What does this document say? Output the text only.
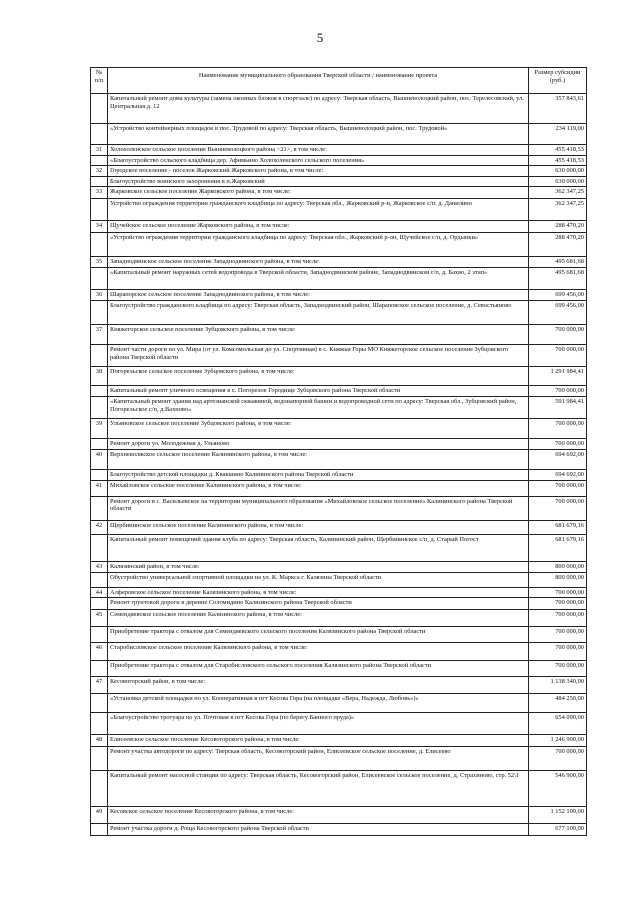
5
№ п/п	Наименование муниципального образования Тверской области / наименование проекта	Размер субсидии (руб.)
	Капитальный ремонт дома культуры (замена оконных блоков в спортзале) по адресу: Тверская область, Вышневолоцкий район, пос. Терелесовский, ул. Центральная д. 12	357 843,61
	«Устройство контейнерных площадок в пос. Трудовой по адресу: Тверская область, Вышневолоцкий район, пос. Трудовой»	234 119,00
31	Холохоленское сельское поселение Вышневолоцкого района <21>, в том числе:	455 418,53
	«Благоустройство сельского кладбища дер. Афимьино Холохоленского сельского поселения»	455 418,53
32	Городское поселение - поселок Жарковский Жарковского района, в том числе:	630 000,00
	Благоустройство воинского захоронения в п.Жарковский	630 000,00
33	Жарковское сельское поселение Жарковского района, в том числе:	362 347,25
	Устройство ограждения территории гражданского кладбища по адресу: Тверская обл., Жарковский р-н, Жарковское с/п. д. Данилино	362 347,25
34	Щучейское сельское поселение Жарковского района, в том числе:	288 470,20
	«Устройство ограждения территории гражданского кладбища по адресу: Тверская обл., Жарковский р-он, Щучейское с/п, д. Ордынки»	288 470,20
35	Западнодвинское сельское поселение Западнодвинского района, в том числе:	495 681,68
	«Капитальный ремонт наружных сетей водопровода в Тверской области, Западнодвинском районе, Западнодвинском с/п, д. Бахво, 2 этап»	495 681,68
36	Шарапорское сельское поселение Западнодвинского района, в том числе:	699 456,00
	Благоустройство гражданского кладбища по адресу: Тверская область, Западнодвинский район, Шараповское сельское поселение, д. Севостьяново	699 456,00
37	Княжегорское сельское поселение Зубцовского района, в том числе:	700 000,00
	Ремонт части дороги по ул. Мира (от ул. Комсомольская до ул. Спортивная) в с. Княжьи Горы МО Княжегорское сельское поселение Зубцовского района Тверской области	700 000,00
38	Погорельское сельское поселение Зубцовского района, в том числе:	1 291 984,41
	Капитальный ремонт уличного освещения в с. Погорелое Городище Зубцовского района Тверской области	700 000,00
	«Капитальный ремонт здания над артезианской скважиной, водонапорной башни и водопроводной сети по адресу: Тверская обл., Зубцовский район, Погорельское с/п, д.Вахново»	591 984,41
39	Ульяновское сельское поселение Зубцовского района, в том числе:	700 000,00
	Ремонт дороги ул. Молодежная д. Ульяново	700 000,00
40	Верхневолжское сельское поселение Калининского района, в том числе:	694 692,00
	Благоустройство детской площадки д. Квакшино Калининского района Тверской области	694 692,00
41	Михайловское сельское поселение Калининского района, в том числе:	700 000,00
	Ремонт дороги в с. Васильевское на территории муниципального образования «Михайловское сельское поселение» Калининского района Тверской области	700 000,00
42	Щербининское сельское поселение Калининского района, в том числе:	681 679,16
	Капитальный ремонт помещений здания клуба по адресу: Тверская область, Калининский район, Щербининское с/п, д. Старый Погост	681 679,16
43	Калязинский район, в том числе:	800 000,00
	Обустройство универсальной спортивной площадки на ул. К. Маркса г. Калязина Тверской области	800 000,00
44	Алферовское сельское поселение Калязинского района, в том числе:	700 000,00
	Ремонт грунтовой дороги в деревне Соломидино Калязинского района Тверской области	700 000,00
45	Семендяевское сельское поселение Калязинского района, в том числе:	700 000,00
	Приобретение трактора с отвалом для Семендяевского сельского поселения Калязинского района Тверской области	700 000,00
46	Старобисловское сельское поселение Калязинского района, в том числе:	700 000,00
	Приобретение трактора с отвалом для Старобисловского сельского поселения Калязинского района Тверской области	700 000,00
47	Кесовогорский район, в том числе:	1 138 340,00
	«Установка детской площадки по ул. Кооперативная в пгт Кесова Гора (на площадке «Вера, Надежда, Любовь»)»	484 250,00
	«Благоустройство тротуара по ул. Почтовая в пгт Кесова Гора (по берегу Банного пруда)»	654 090,00
48	Елисеевское сельское поселение Кесовогорского района, в том числе:	1 246 900,00
	Ремонт участка автодороги по адресу: Тверская область, Кесовогорский район, Елисеевское сельское поселение, д. Елисеево	700 000,00
	Капитальный ремонт насосной станции по адресу: Тверская область, Кесовогорский район, Елисеевское сельское поселение, д. Страхиново, стр. 52\1	546 900,00
49	Кесовское сельское поселение Кесовогорского района, в том числе:	1 152 109,00
	Ремонт участка дороги д. Роща Кесовогорского района Тверской области	677 109,00
